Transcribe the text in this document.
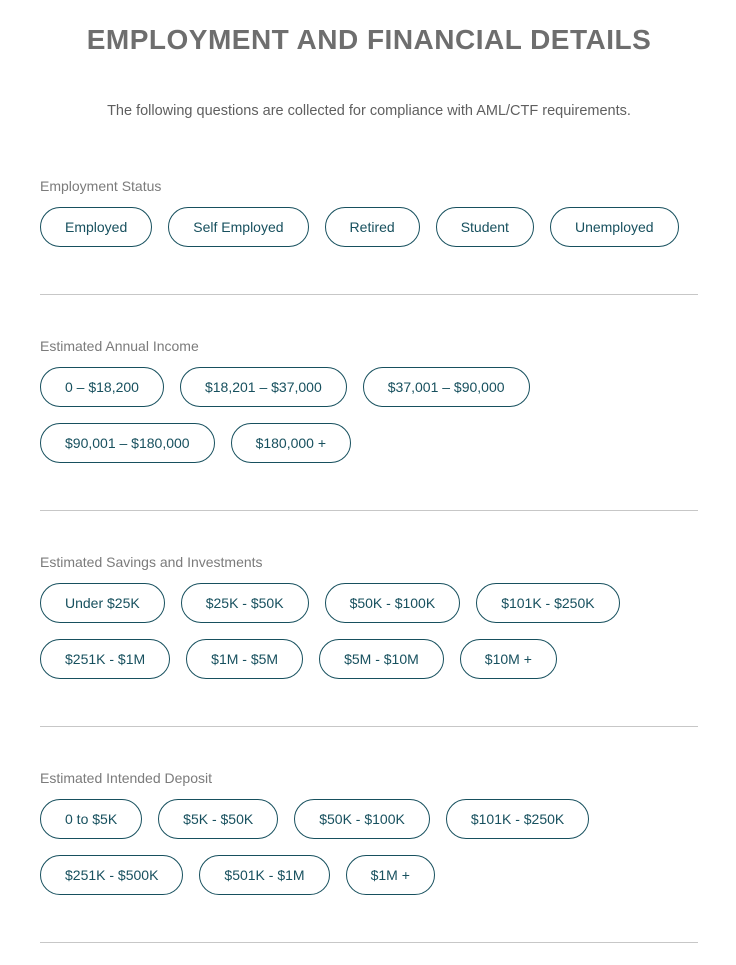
EMPLOYMENT AND FINANCIAL DETAILS

The following questions are collected for compliance with AML/CTF requirements.

Employment Status
Employed	Self Employed	Retired	Student	Unemployed
Estimated Annual Income
0 – $18,200	$18,201 – $37,000	$37,001 – $90,000
$90,001 – $180,000	$180,000 +
Estimated Savings and Investments
Under $25K	$25K - $50K	$50K - $100K	$101K - $250K
$251K - $1M	$1M - $5M	$5M - $10M	$10M +
Estimated Intended Deposit
0 to $5K	$5K - $50K	$50K - $100K	$101K - $250K
$251K - $500K	$501K - $1M	$1M +
